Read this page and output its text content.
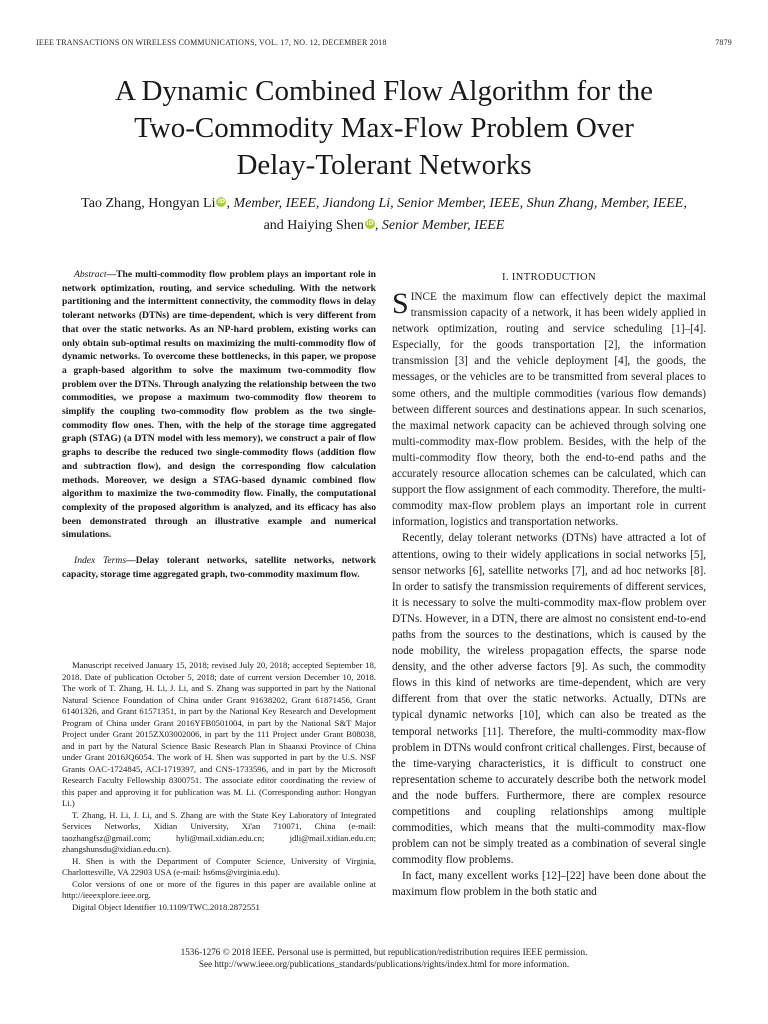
IEEE TRANSACTIONS ON WIRELESS COMMUNICATIONS, VOL. 17, NO. 12, DECEMBER 2018	7879
A Dynamic Combined Flow Algorithm for the
Two-Commodity Max-Flow Problem Over
Delay-Tolerant Networks
Tao Zhang, Hongyan Li iD, Member, IEEE, Jiandong Li, Senior Member, IEEE, Shun Zhang, Member, IEEE,
and Haiying Shen iD, Senior Member, IEEE

Abstract—The multi-commodity flow problem plays an important role in network optimization, routing, and service scheduling. With the network partitioning and the intermittent connectivity, the commodity flows in delay tolerant networks (DTNs) are time-dependent, which is very different from that over the static networks. As an NP-hard problem, existing works can only obtain sub-optimal results on maximizing the multi-commodity flow of dynamic networks. To overcome these bottlenecks, in this paper, we propose a graph-based algorithm to solve the maximum two-commodity flow problem over the DTNs. Through analyzing the relationship between the two commodities, we propose a maximum two-commodity flow theorem to simplify the coupling two-commodity flow problem as the two single-commodity flow ones. Then, with the help of the storage time aggregated graph (STAG) (a DTN model with less memory), we construct a pair of flow graphs to describe the reduced two single-commodity flows (addition flow and subtraction flow), and design the corresponding flow calculation methods. Moreover, we design a STAG-based dynamic combined flow algorithm to maximize the two-commodity flow. Finally, the computational complexity of the proposed algorithm is analyzed, and its efficacy has also been demonstrated through an illustrative example and numerical simulations.

Index Terms—Delay tolerant networks, satellite networks, network capacity, storage time aggregated graph, two-commodity maximum flow.

Manuscript received January 15, 2018; revised July 20, 2018; accepted September 18, 2018. Date of publication October 5, 2018; date of current version December 10, 2018. The work of T. Zhang, H. Li, J. Li, and S. Zhang was supported in part by the National Natural Science Foundation of China under Grant 91638202, Grant 61871456, Grant 61401326, and Grant 61571351, in part by the National Key Research and Development Program of China under Grant 2016YFB0501004, in part by the National S&T Major Project under Grant 2015ZX03002006, in part by the 111 Project under Grant B08038, and in part by the Natural Science Basic Research Plan in Shaanxi Province of China under Grant 2016JQ6054. The work of H. Shen was supported in part by the U.S. NSF Grants OAC-1724845, ACI-1719397, and CNS-1733596, and in part by the Microsoft Research Faculty Fellowship 8300751. The associate editor coordinating the review of this paper and approving it for publication was M. Li. (Corresponding author: Hongyan Li.)

T. Zhang, H. Li, J. Li, and S. Zhang are with the State Key Laboratory of Integrated Services Networks, Xidian University, Xi'an 710071, China (e-mail: taozhangfsz@gmail.com; hyli@mail.xidian.edu.cn; jdli@mail.xidian.edu.cn; zhangshunsdu@xidian.edu.cn).

H. Shen is with the Department of Computer Science, University of Virginia, Charlottesville, VA 22903 USA (e-mail: hs6ms@virginia.edu).

Color versions of one or more of the figures in this paper are available online at http://ieeexplore.ieee.org.

Digital Object Identifier 10.1109/TWC.2018.2872551

I. INTRODUCTION

SINCE the maximum flow can effectively depict the maximal transmission capacity of a network, it has been widely applied in network optimization, routing and service scheduling [1]–[4]. Especially, for the goods transportation [2], the information transmission [3] and the vehicle deployment [4], the goods, the messages, or the vehicles are to be transmitted from several places to some others, and the multiple commodities (various flow demands) between different sources and destinations appear. In such scenarios, the maximal network capacity can be achieved through solving one multi-commodity max-flow problem. Besides, with the help of the multi-commodity flow theory, both the end-to-end paths and the accurately resource allocation schemes can be calculated, which can support the flow assignment of each commodity. Therefore, the multi-commodity max-flow problem plays an important role in current information, logistics and transportation networks.

Recently, delay tolerant networks (DTNs) have attracted a lot of attentions, owing to their widely applications in social networks [5], sensor networks [6], satellite networks [7], and ad hoc networks [8]. In order to satisfy the transmission requirements of different services, it is necessary to solve the multi-commodity max-flow problem over DTNs. However, in a DTN, there are almost no consistent end-to-end paths from the sources to the destinations, which is caused by the node mobility, the wireless propagation effects, the sparse node density, and the other adverse factors [9]. As such, the commodity flows in this kind of networks are time-dependent, which are very different from that over the static networks. Actually, DTNs are typical dynamic networks [10], which can also be treated as the temporal networks [11]. Therefore, the multi-commodity max-flow problem in DTNs would confront critical challenges. First, because of the time-varying characteristics, it is difficult to construct one representation scheme to accurately describe both the network model and the node buffers. Furthermore, there are complex resource competitions and coupling relationships among multiple commodities, which means that the multi-commodity max-flow problem can not be simply treated as a combination of several single commodity flow problems.

In fact, many excellent works [12]–[22] have been done about the maximum flow problem in the both static and

1536-1276 © 2018 IEEE. Personal use is permitted, but republication/redistribution requires IEEE permission.
See http://www.ieee.org/publications_standards/publications/rights/index.html for more information.
